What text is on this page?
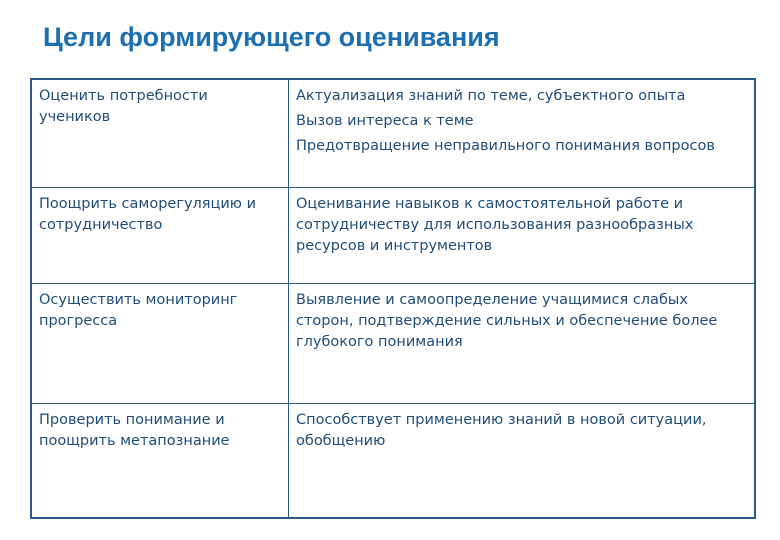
Цели формирующего оценивания
Оценить потребности учеников	Актуализация знаний по теме, субъектного опыта
Вызов интереса к теме
Предотвращение неправильного понимания вопросов

Поощрить саморегуляцию и сотрудничество	Оценивание навыков к самостоятельной работе и сотрудничеству для использования разнообразных ресурсов и инструментов
Осуществить мониторинг прогресса	Выявление и самоопределение учащимися слабых сторон, подтверждение сильных и обеспечение более глубокого понимания
Проверить понимание и поощрить метапознание	Способствует применению знаний в новой ситуации, обобщению
